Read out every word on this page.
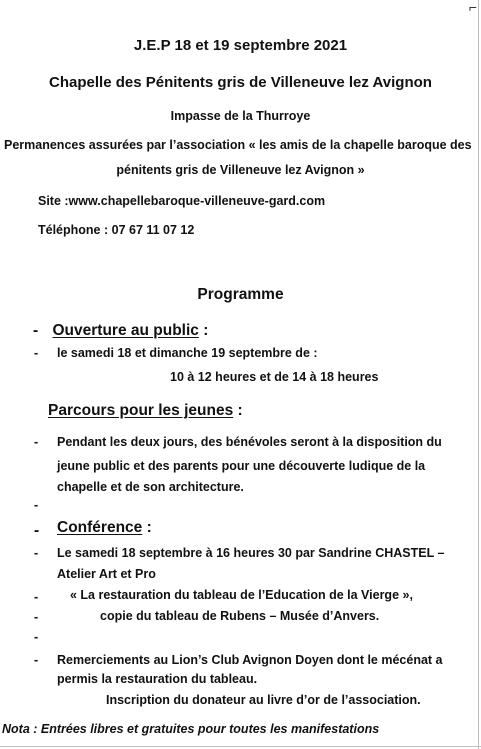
⌐
J.E.P 18 et 19 septembre 2021
Chapelle des Pénitents gris de Villeneuve lez Avignon
Impasse de la Thurroye
Permanences assurées par l’association « les amis de la chapelle baroque des
pénitents gris de Villeneuve lez Avignon »
Site :www.chapellebaroque-villeneuve-gard.com
Téléphone : 07 67 11 07 12
Programme
- Ouverture au public :
- le samedi 18 et dimanche 19 septembre de :
10 à 12 heures et de 14 à 18 heures
Parcours pour les jeunes :
- Pendant les deux jours, des bénévoles seront à la disposition du
jeune public et des parents pour une découverte ludique de la
chapelle et de son architecture.
-
- Conférence :
- Le samedi 18 septembre à 16 heures 30 par Sandrine CHASTEL –
Atelier Art et Pro
-	« La restauration du tableau de l’Education de la Vierge »,
-	copie du tableau de Rubens – Musée d’Anvers.
-
- Remerciements au Lion’s Club Avignon Doyen dont le mécénat a
permis la restauration du tableau.
Inscription du donateur au livre d’or de l’association.
Nota : Entrées libres et gratuites pour toutes les manifestations
